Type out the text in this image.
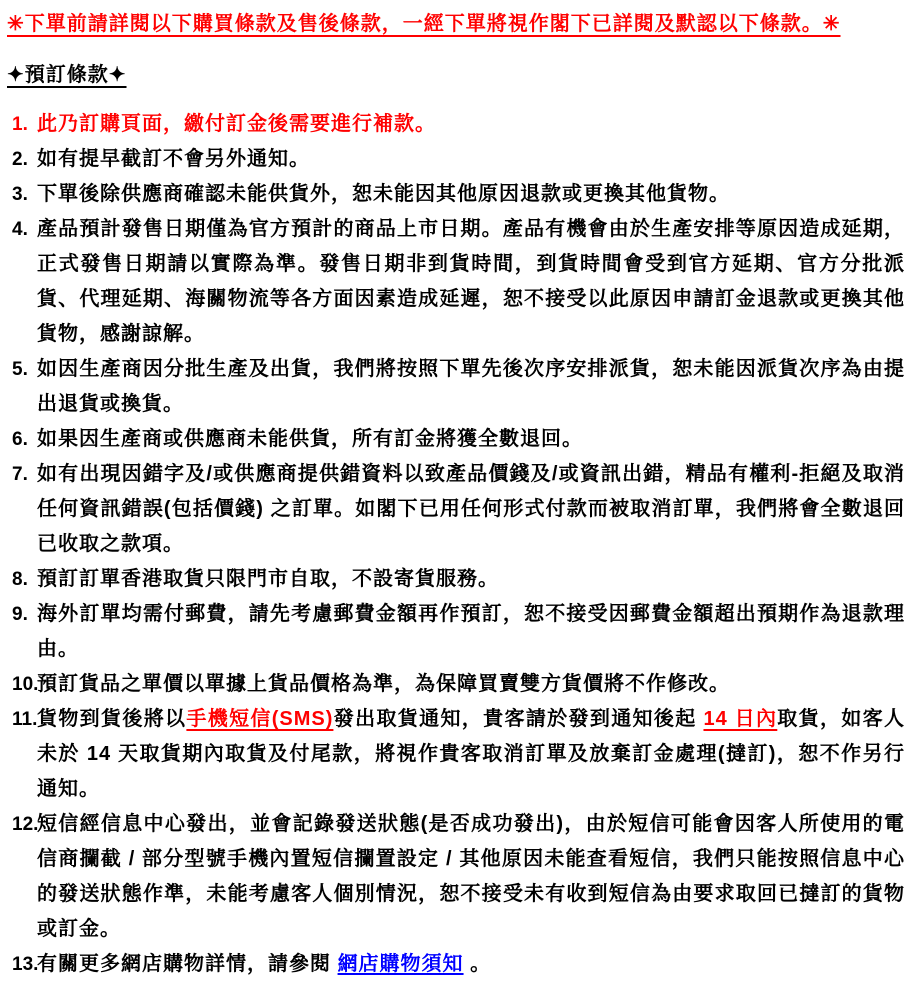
✳下單前請詳閱以下購買條款及售後條款，一經下單將視作閣下已詳閱及默認以下條款。✳
✦預訂條款✦
1. 此乃訂購頁面，繳付訂金後需要進行補款。
2. 如有提早截訂不會另外通知。
3. 下單後除供應商確認未能供貨外，恕未能因其他原因退款或更換其他貨物。
4. 產品預計發售日期僅為官方預計的商品上市日期。產品有機會由於生產安排等原因造成延期，正式發售日期請以實際為準。發售日期非到貨時間，到貨時間會受到官方延期、官方分批派貨、代理延期、海關物流等各方面因素造成延遲，恕不接受以此原因申請訂金退款或更換其他貨物，感謝諒解。
5. 如因生產商因分批生產及出貨，我們將按照下單先後次序安排派貨，恕未能因派貨次序為由提出退貨或換貨。
6. 如果因生產商或供應商未能供貨，所有訂金將獲全數退回。
7. 如有出現因錯字及/或供應商提供錯資料以致產品價錢及/或資訊出錯，精品有權利-拒絕及取消任何資訊錯誤(包括價錢) 之訂單。如閣下已用任何形式付款而被取消訂單，我們將會全數退回已收取之款項。
8. 預訂訂單香港取貨只限門市自取，不設寄貨服務。
9. 海外訂單均需付郵費，請先考慮郵費金額再作預訂，恕不接受因郵費金額超出預期作為退款理由。
10.
預訂貨品之單價以單據上貨品價格為準，為保障買賣雙方貨價將不作修改。
11. 貨物到貨後將以手機短信(SMS)發出取貨通知，貴客請於發到通知後起 14 日內取貨，如客人未於 14 天取貨期內取貨及付尾款，將視作貴客取消訂單及放棄訂金處理(撻訂)，恕不作另行通知。
12.
短信經信息中心發出，並會記錄發送狀態(是否成功發出)，由於短信可能會因客人所使用的電信商攔截 / 部分型號手機內置短信攔置設定 / 其他原因未能查看短信，我們只能按照信息中心的發送狀態作準，未能考慮客人個別情況，恕不接受未有收到短信為由要求取回已撻訂的貨物或訂金。
13.
有關更多網店購物詳情，請參閱 網店購物須知 。
